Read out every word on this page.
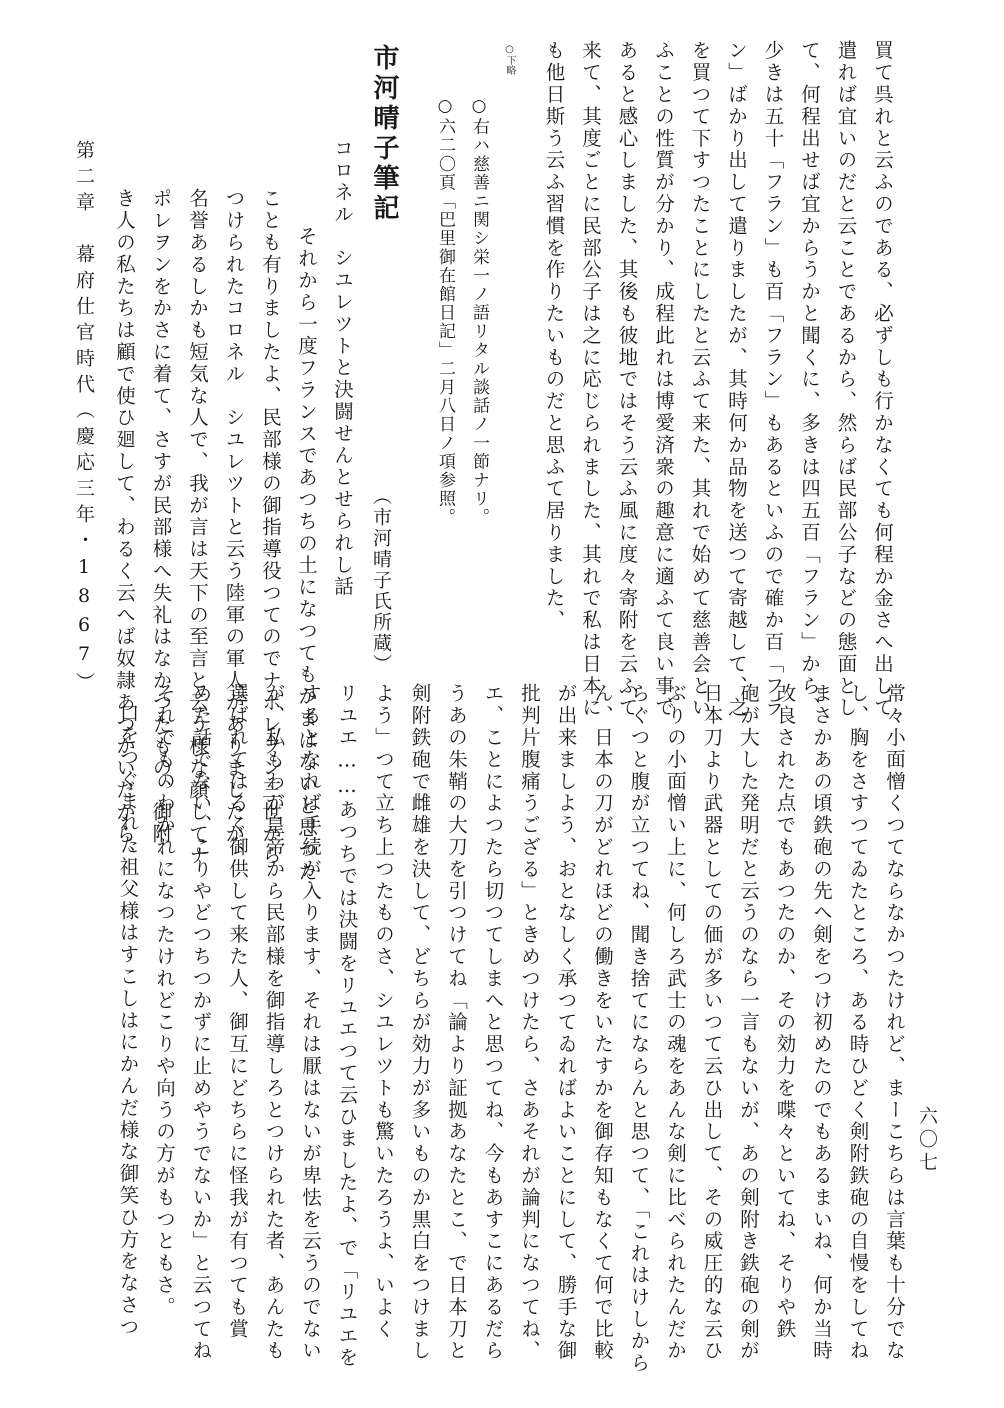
買て呉れと云ふのである、必ずしも行かなくても何程か金さへ出して
遣れば宜いのだと云ことであるから、然らば民部公子などの態面とし
て、何程出せば宜からうかと聞くに、多きは四五百「フラン」から、
少きは五十「フラン」も百「フラン」もあるといふので確か百「フラ
ン」ばかり出して遣りましたが、其時何か品物を送つて寄越して、之
を買つて下すつたことにしたと云ふて来た、其れで始めて慈善会とい
ふことの性質が分かり、成程此れは博愛済衆の趣意に適ふて良い事で
あると感心しました、其後も彼地ではそう云ふ風に度々寄附を云ふて
来て、其度ごとに民部公子は之に応じられました、其れで私は日本に
も他日斯う云ふ習慣を作りたいものだと思ふて居りました、
○下略
○右ハ慈善ニ関シ栄一ノ語リタル談話ノ一節ナリ。
○六二〇頁「巴里御在館日記」二月八日ノ項参照。
市河晴子筆記
（市河晴子氏所蔵）
コロネル　シユレツトと決闘せんとせられし話
それから一度フランスであつちの土になつてもかまはないと思つた
ことも有りましたよ、民部様の御指導役つてのでナポレヲン三世から
つけられたコロネル　シユレツトと云う陸軍の軍人がありましたが、
名誉あるしかも短気な人で、我が言は天下の至言と云う様な顔してナ
ポレヲンをかさに着て、さすが民部様へ失礼はなかつたもの、御附
き人の私たちは顧で使ひ廻して、わるく云へば奴隷あつかいだから、
第二章　幕府仕官時代（慶応三年・1867）
常々小面憎くつてならなかつたけれど、まーこちらは言葉も十分でな
し、胸をさすつてゐたところ、ある時ひどく剣附鉄砲の自慢をしてね
まさかあの頃鉄砲の先へ剣をつけ初めたのでもあるまいね、何か当時
改良された点でもあつたのか、その効力を喋々といてね、そりや鉄
砲が大した発明だと云うのなら一言もないが、あの剣附き鉄砲の剣が
日本刀より武器としての価が多いつて云ひ出して、その威圧的な云ひ
ぶりの小面憎い上に、何しろ武士の魂をあんな剣に比べられたんだか
らぐつと腹が立つてね、聞き捨てにならんと思つて、「これはけしから
ん、日本の刀がどれほどの働きをいたすかを御存知もなくて何で比較
が出来ましよう、おとなしく承つてゐればよいことにして、勝手な御
批判片腹痛うござる」ときめつけたら、さあそれが論判になつてね、
エ、ことによつたら切つてしまへと思つてね、今もあすこにあるだら
うあの朱鞘の大刀を引つけてね「論より証拠あなたとこ、で日本刀と
剣附鉄砲で雌雄を決して、どちらが効力が多いものか黒白をつけまし
よう」つて立ち上つたものさ、シユレツトも驚いたろうよ、いよく
リユエ……あつちでは決闘をリユエつて云ひましたよ、で「リユエを
するとなれば手続が入ります、それは厭はないが卑怯を云うのでない
が、私もわが皇帝から民部様を御指導しろとつけられた者、あんたも
選ばれてはるく御供して来た人、御互にどちらに怪我が有つても賞
めた話でない、こりやどつちつかずに止めやうでないか」と云つてね
それでものわかれになつたけれどこりや向うの方がもつともさ。
口をつぐまれた祖父様はすこしはにかんだ様な御笑ひ方をなさつ	六〇七
